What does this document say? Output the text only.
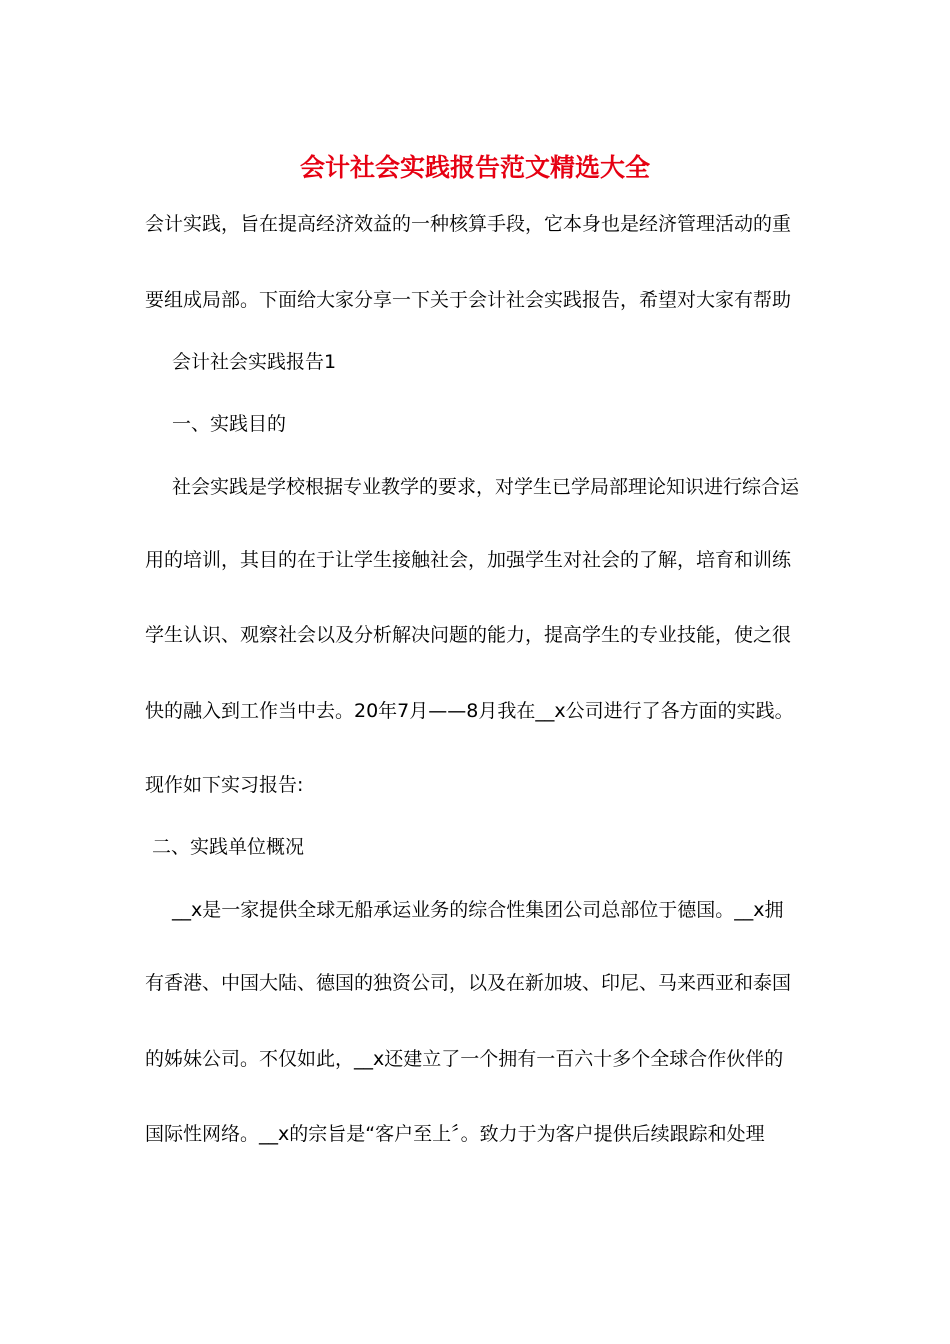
会计社会实践报告范文精选大全
会计实践，旨在提高经济效益的一种核算手段，它本身也是经济管理活动的重
要组成局部。下面给大家分享一下关于会计社会实践报告，希望对大家有帮助
会计社会实践报告1
一、实践目的
社会实践是学校根据专业教学的要求，对学生已学局部理论知识进行综合运
用的培训，其目的在于让学生接触社会，加强学生对社会的了解，培育和训练
学生认识、观察社会以及分析解决问题的能力，提高学生的专业技能，使之很
快的融入到工作当中去。20年7月——8月我在__x公司进行了各方面的实践。
现作如下实习报告:
二、实践单位概况
__x是一家提供全球无船承运业务的综合性集团公司总部位于德国。__x拥
有香港、中国大陆、德国的独资公司，以及在新加坡、印尼、马来西亚和泰国
的姊妹公司。不仅如此，__x还建立了一个拥有一百六十多个全球合作伙伴的
国际性网络。__x的宗旨是“客户至上〞。致力于为客户提供后续跟踪和处理
